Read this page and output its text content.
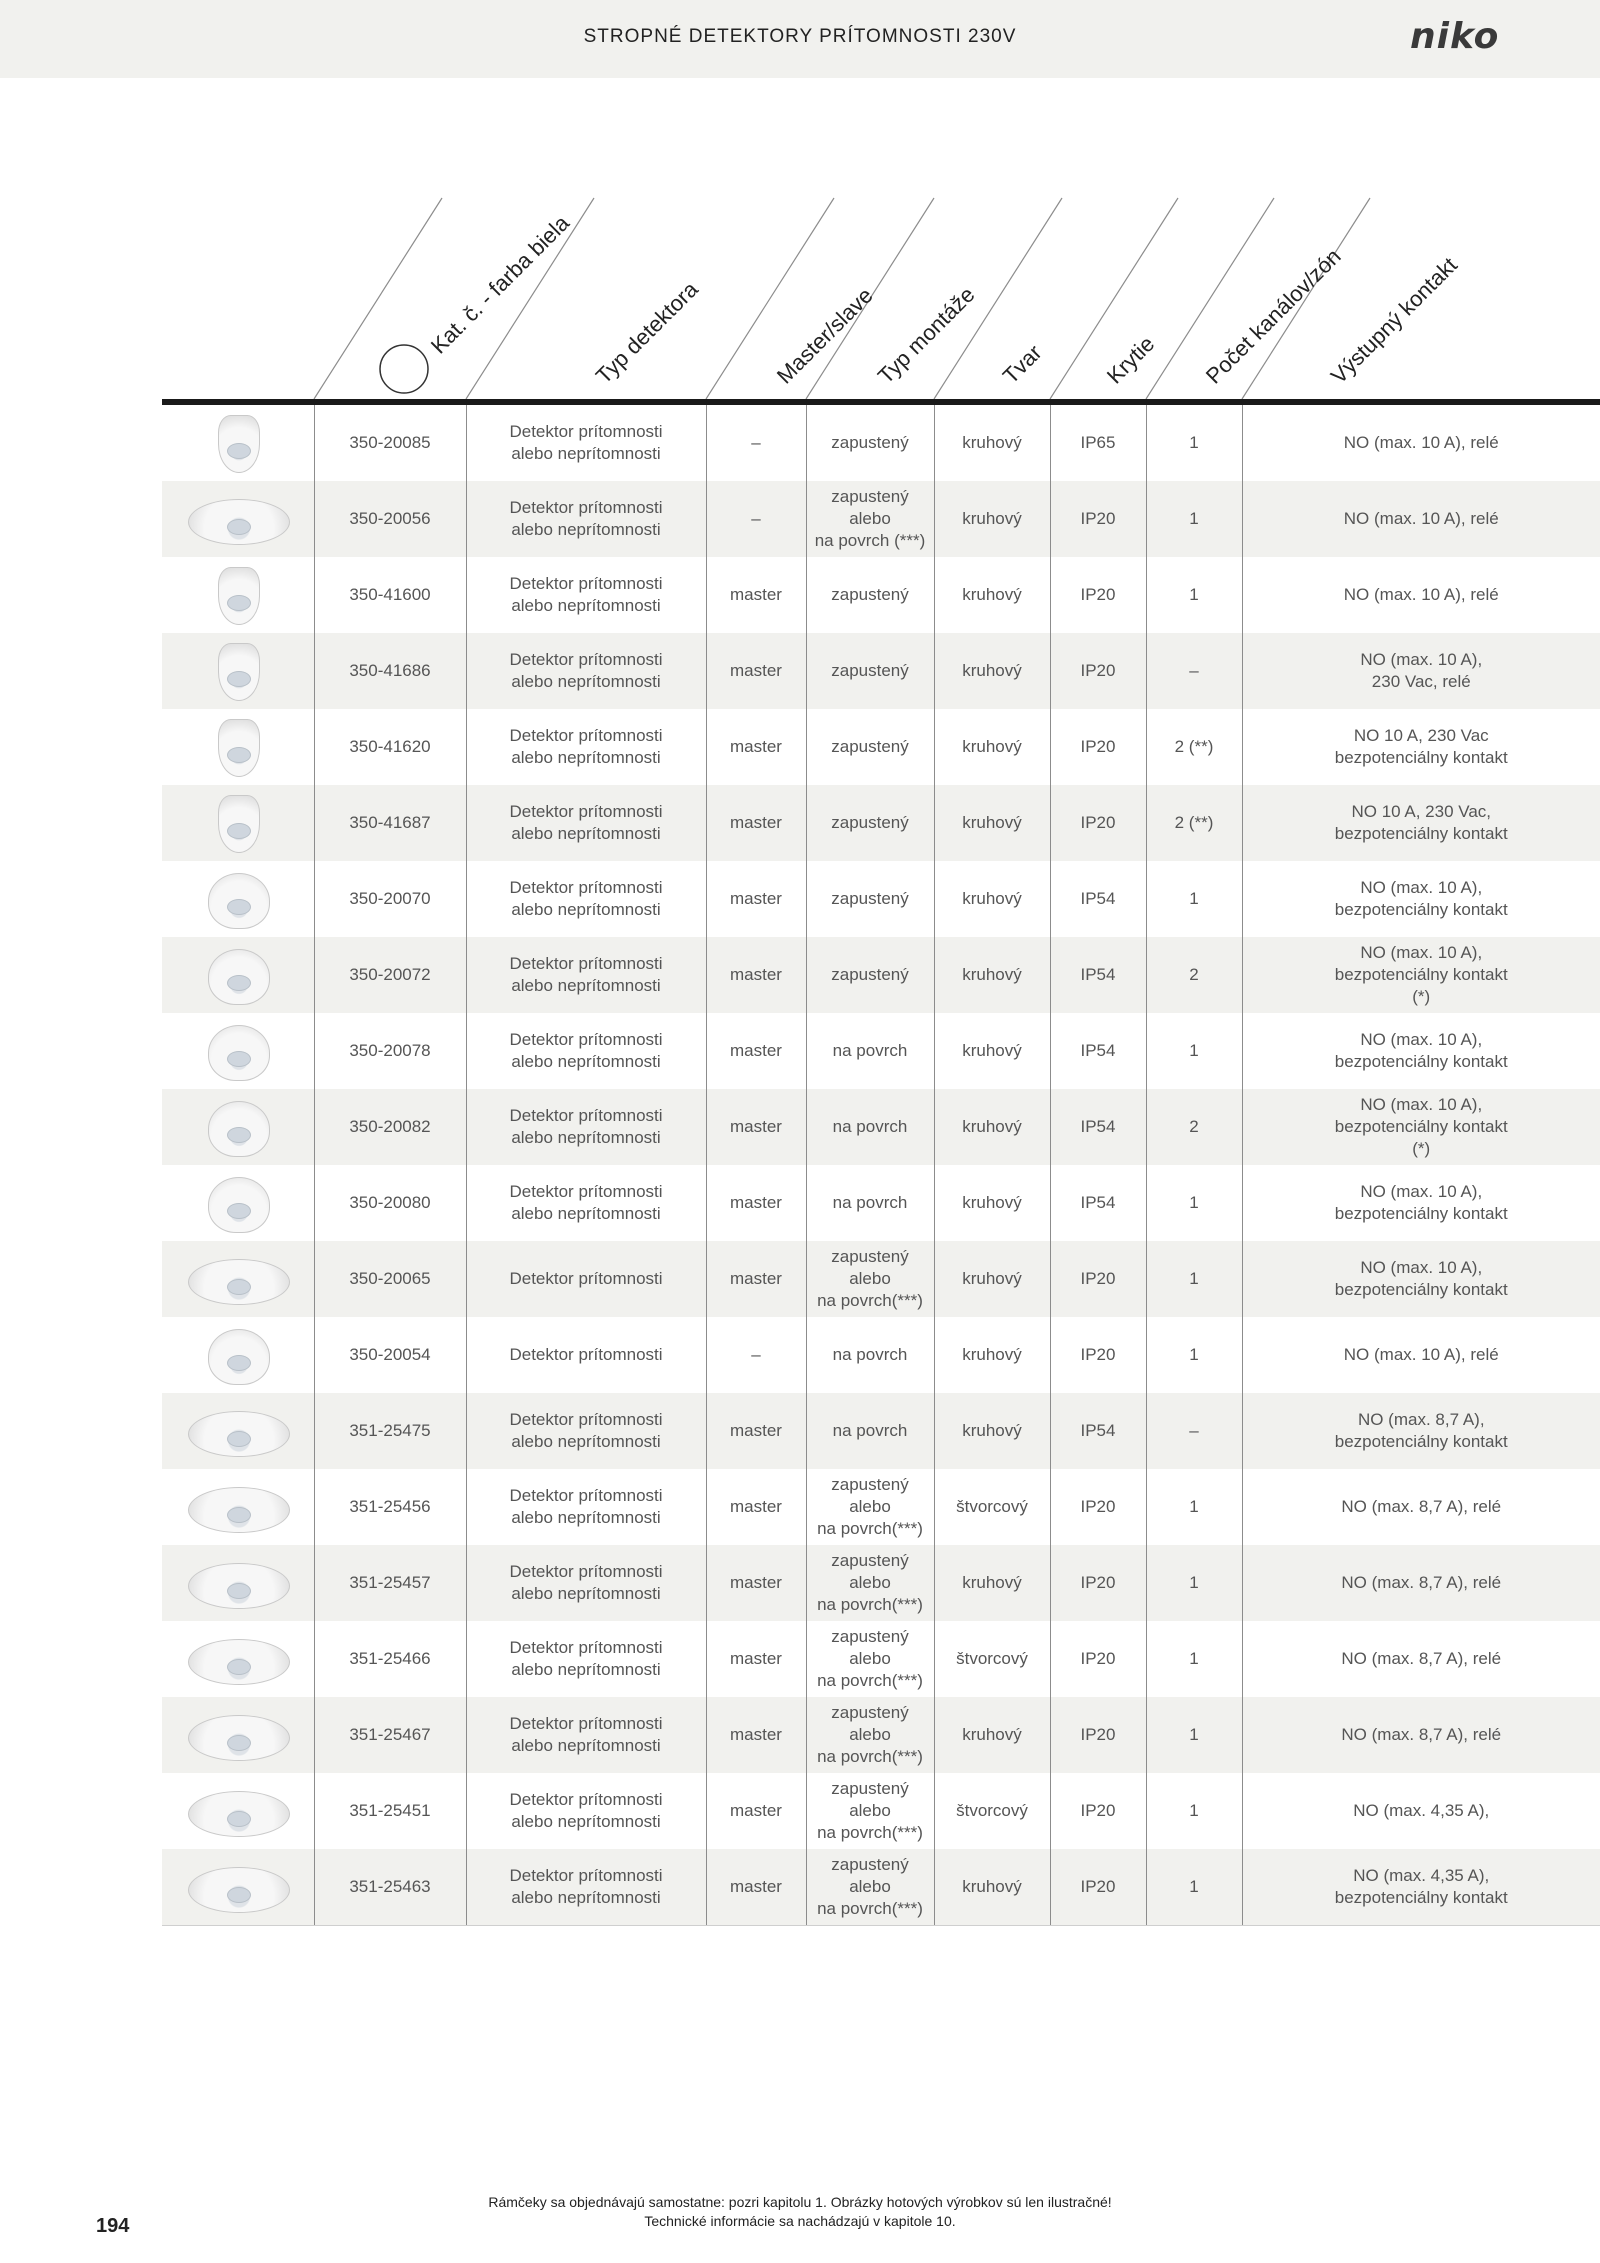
STROPNÉ DETEKTORY PRÍTOMNOSTI 230V	niko
Kat. č. - farba biela Typ detektora	Master/slave
Typ montáže Tvar	Krytie Počet kanálov/zón
Výstupný kontakt
	350-20085	Detektor prítomnosti
alebo neprítomnosti	–	zapustený	kruhový	IP65	1	NO (max. 10 A), relé

	350-20056	Detektor prítomnosti
alebo neprítomnosti	–	zapustený
alebo
na povrch (***)	kruhový	IP20	1	NO (max. 10 A), relé

	350-41600	Detektor prítomnosti
alebo neprítomnosti	master	zapustený	kruhový	IP20	1	NO (max. 10 A), relé

	350-41686	Detektor prítomnosti
alebo neprítomnosti	master	zapustený	kruhový	IP20	–	NO (max. 10 A),
230 Vac, relé

	350-41620	Detektor prítomnosti
alebo neprítomnosti	master	zapustený	kruhový	IP20	2 (**)	NO 10 A, 230 Vac
bezpotenciálny kontakt

	350-41687	Detektor prítomnosti
alebo neprítomnosti	master	zapustený	kruhový	IP20	2 (**)	NO 10 A, 230 Vac,
bezpotenciálny kontakt

	350-20070	Detektor prítomnosti
alebo neprítomnosti	master	zapustený	kruhový	IP54	1	NO (max. 10 A),
bezpotenciálny kontakt

	350-20072	Detektor prítomnosti
alebo neprítomnosti	master	zapustený	kruhový	IP54	2	NO (max. 10 A),
bezpotenciálny kontakt
(*)

	350-20078	Detektor prítomnosti
alebo neprítomnosti	master	na povrch	kruhový	IP54	1	NO (max. 10 A),
bezpotenciálny kontakt

	350-20082	Detektor prítomnosti
alebo neprítomnosti	master	na povrch	kruhový	IP54	2	NO (max. 10 A),
bezpotenciálny kontakt
(*)

	350-20080	Detektor prítomnosti
alebo neprítomnosti	master	na povrch	kruhový	IP54	1	NO (max. 10 A),
bezpotenciálny kontakt

	350-20065	Detektor prítomnosti	master	zapustený
alebo
na povrch(***)	kruhový	IP20	1	NO (max. 10 A),
bezpotenciálny kontakt

	350-20054	Detektor prítomnosti	–	na povrch	kruhový	IP20	1	NO (max. 10 A), relé

	351-25475	Detektor prítomnosti
alebo neprítomnosti	master	na povrch	kruhový	IP54	–	NO (max. 8,7 A),
bezpotenciálny kontakt

	351-25456	Detektor prítomnosti
alebo neprítomnosti	master	zapustený
alebo
na povrch(***)	štvorcový	IP20	1	NO (max. 8,7 A), relé

	351-25457	Detektor prítomnosti
alebo neprítomnosti	master	zapustený
alebo
na povrch(***)	kruhový	IP20	1	NO (max. 8,7 A), relé

	351-25466	Detektor prítomnosti
alebo neprítomnosti	master	zapustený
alebo
na povrch(***)	štvorcový	IP20	1	NO (max. 8,7 A), relé

	351-25467	Detektor prítomnosti
alebo neprítomnosti	master	zapustený
alebo
na povrch(***)	kruhový	IP20	1	NO (max. 8,7 A), relé

	351-25451	Detektor prítomnosti
alebo neprítomnosti	master	zapustený
alebo
na povrch(***)	štvorcový	IP20	1	NO (max. 4,35 A),

	351-25463	Detektor prítomnosti
alebo neprítomnosti	master	zapustený
alebo
na povrch(***)	kruhový	IP20	1	NO (max. 4,35 A),
bezpotenciálny kontakt
Rámčeky sa objednávajú samostatne: pozri kapitolu 1. Obrázky hotových výrobkov sú len ilustračné!
Technické informácie sa nachádzajú v kapitole 10.
194
